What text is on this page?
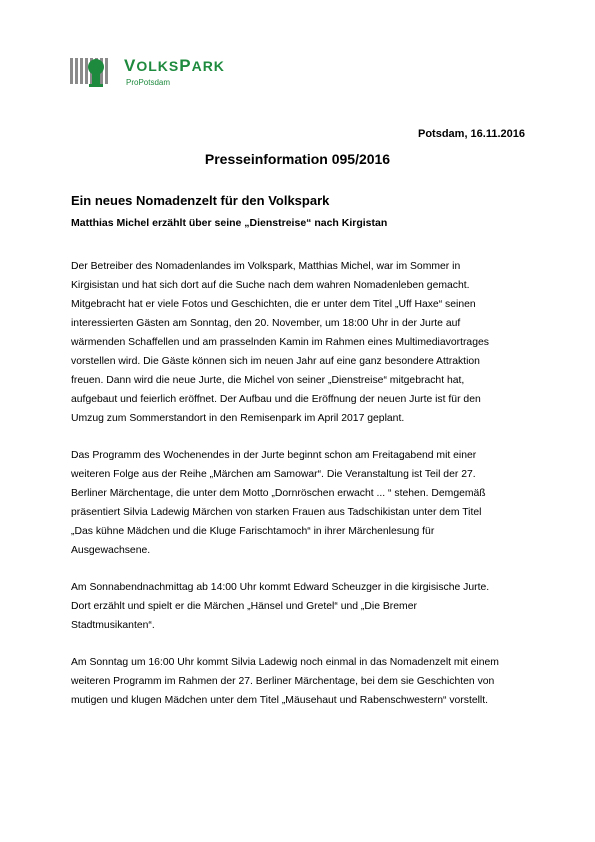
VOLKSPARK
ProPotsdam
Potsdam, 16.11.2016
Presseinformation 095/2016
Ein neues Nomadenzelt für den Volkspark
Matthias Michel erzählt über seine „Dienstreise“ nach Kirgistan
Der Betreiber des Nomadenlandes im Volkspark, Matthias Michel, war im Sommer in
Kirgisistan und hat sich dort auf die Suche nach dem wahren Nomadenleben gemacht.
Mitgebracht hat er viele Fotos und Geschichten, die er unter dem Titel „Uff Haxe“ seinen
interessierten Gästen am Sonntag, den 20. November, um 18:00 Uhr in der Jurte auf
wärmenden Schaffellen und am prasselnden Kamin im Rahmen eines Multimediavortrages
vorstellen wird. Die Gäste können sich im neuen Jahr auf eine ganz besondere Attraktion
freuen. Dann wird die neue Jurte, die Michel von seiner „Dienstreise“ mitgebracht hat,
aufgebaut und feierlich eröffnet. Der Aufbau und die Eröffnung der neuen Jurte ist für den
Umzug zum Sommerstandort in den Remisenpark im April 2017 geplant.
Das Programm des Wochenendes in der Jurte beginnt schon am Freitagabend mit einer
weiteren Folge aus der Reihe „Märchen am Samowar“. Die Veranstaltung ist Teil der 27.
Berliner Märchentage, die unter dem Motto „Dornröschen erwacht ... “ stehen. Demgemäß
präsentiert Silvia Ladewig Märchen von starken Frauen aus Tadschikistan unter dem Titel
„Das kühne Mädchen und die Kluge Farischtamoch“ in ihrer Märchenlesung für
Ausgewachsene.
Am Sonnabendnachmittag ab 14:00 Uhr kommt Edward Scheuzger in die kirgisische Jurte.
Dort erzählt und spielt er die Märchen „Hänsel und Gretel“ und „Die Bremer
Stadtmusikanten“.
Am Sonntag um 16:00 Uhr kommt Silvia Ladewig noch einmal in das Nomadenzelt mit einem
weiteren Programm im Rahmen der 27. Berliner Märchentage, bei dem sie Geschichten von
mutigen und klugen Mädchen unter dem Titel „Mäusehaut und Rabenschwestern“ vorstellt.
